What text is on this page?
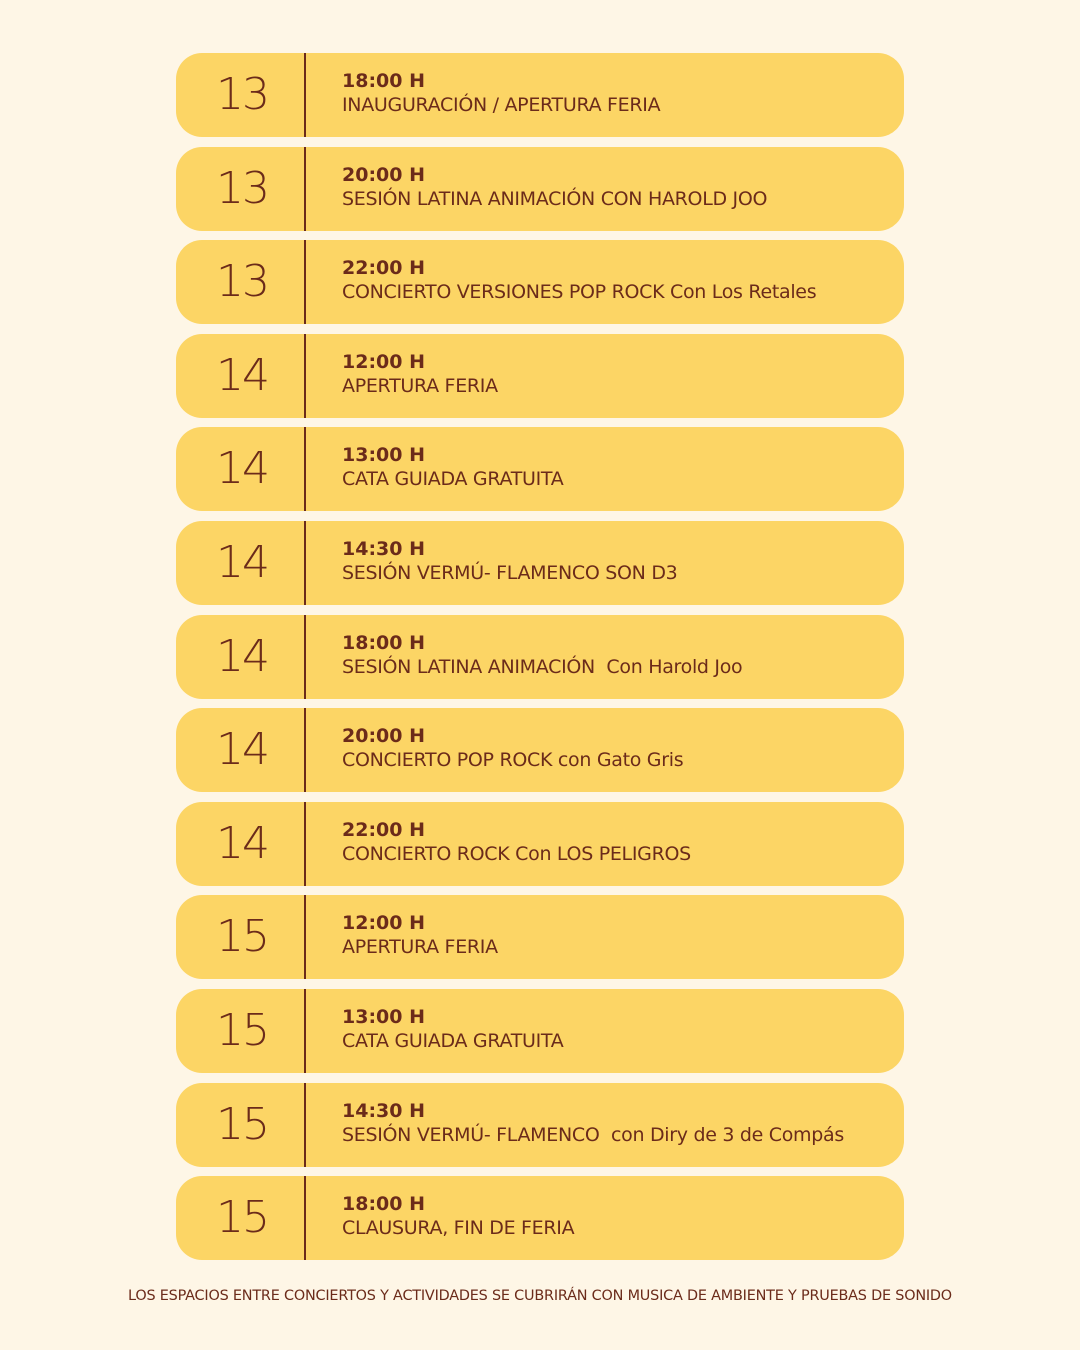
13	18:00 H
INAUGURACIÓN / APERTURA FERIA
13	20:00 H
SESIÓN LATINA ANIMACIÓN CON HAROLD JOO
13	22:00 H
CONCIERTO VERSIONES POP ROCK Con Los Retales
14	12:00 H
APERTURA FERIA
14	13:00 H
CATA GUIADA GRATUITA
14	14:30 H
SESIÓN VERMÚ- FLAMENCO SON D3
14	18:00 H
SESIÓN LATINA ANIMACIÓN  Con Harold Joo
14	20:00 H
CONCIERTO POP ROCK con Gato Gris
14	22:00 H
CONCIERTO ROCK Con LOS PELIGROS
15	12:00 H
APERTURA FERIA
15	13:00 H
CATA GUIADA GRATUITA
15	14:30 H
SESIÓN VERMÚ- FLAMENCO  con Diry de 3 de Compás
15	18:00 H
CLAUSURA, FIN DE FERIA
LOS ESPACIOS ENTRE CONCIERTOS Y ACTIVIDADES SE CUBRIRÁN CON MUSICA DE AMBIENTE Y PRUEBAS DE SONIDO
